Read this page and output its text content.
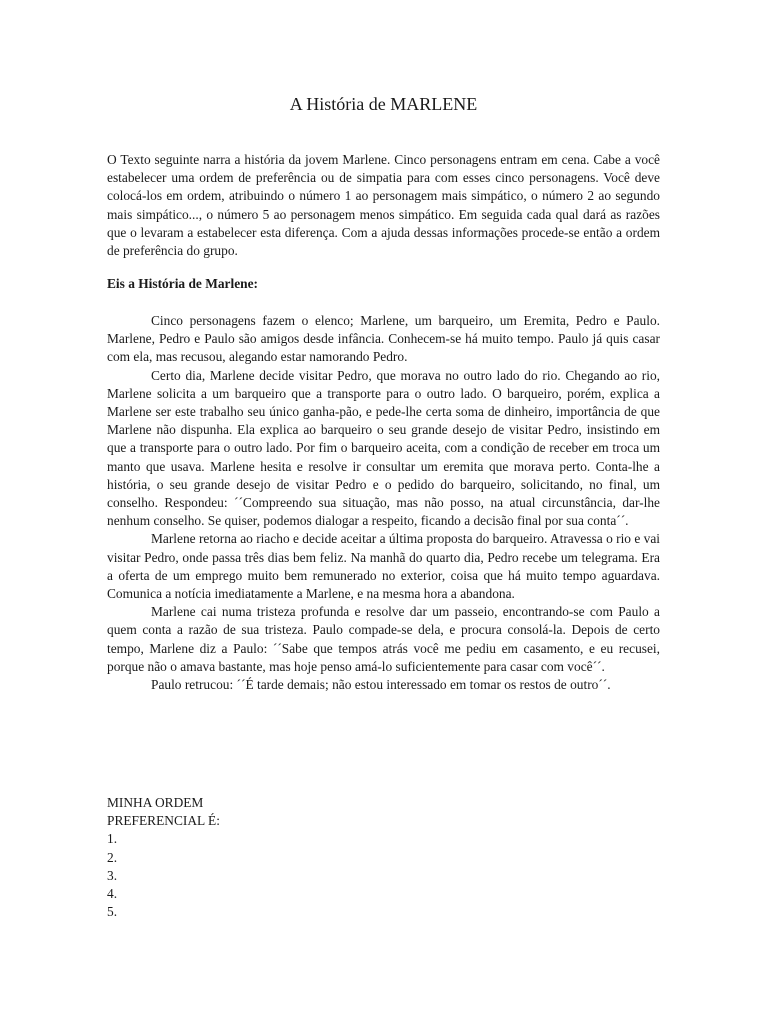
A História de MARLENE
O Texto seguinte narra a história da jovem Marlene. Cinco personagens entram em cena. Cabe a você estabelecer uma ordem de preferência ou de simpatia para com esses cinco personagens. Você deve colocá-los em ordem, atribuindo o número 1 ao personagem mais simpático, o número 2 ao segundo mais simpático..., o número 5 ao personagem menos simpático. Em seguida cada qual dará as razões que o levaram a estabelecer esta diferença. Com a ajuda dessas informações procede-se então a ordem de preferência do grupo.
Eis a História de Marlene:

Cinco personagens fazem o elenco; Marlene, um barqueiro, um Eremita, Pedro e Paulo. Marlene, Pedro e Paulo são amigos desde infância. Conhecem-se há muito tempo. Paulo já quis casar com ela, mas recusou, alegando estar namorando Pedro.

Certo dia, Marlene decide visitar Pedro, que morava no outro lado do rio. Chegando ao rio, Marlene solicita a um barqueiro que a transporte para o outro lado. O barqueiro, porém, explica a Marlene ser este trabalho seu único ganha-pão, e pede-lhe certa soma de dinheiro, importância de que Marlene não dispunha. Ela explica ao barqueiro o seu grande desejo de visitar Pedro, insistindo em que a transporte para o outro lado. Por fim o barqueiro aceita, com a condição de receber em troca um manto que usava. Marlene hesita e resolve ir consultar um eremita que morava perto. Conta-lhe a história, o seu grande desejo de visitar Pedro e o pedido do barqueiro, solicitando, no final, um conselho. Respondeu: ´´Compreendo sua situação, mas não posso, na atual circunstância, dar-lhe nenhum conselho. Se quiser, podemos dialogar a respeito, ficando a decisão final por sua conta´´.

Marlene retorna ao riacho e decide aceitar a última proposta do barqueiro. Atravessa o rio e vai visitar Pedro, onde passa três dias bem feliz. Na manhã do quarto dia, Pedro recebe um telegrama. Era a oferta de um emprego muito bem remunerado no exterior, coisa que há muito tempo aguardava. Comunica a notícia imediatamente a Marlene, e na mesma hora a abandona.

Marlene cai numa tristeza profunda e resolve dar um passeio, encontrando-se com Paulo a quem conta a razão de sua tristeza. Paulo compade-se dela, e procura consolá-la. Depois de certo tempo, Marlene diz a Paulo: ´´Sabe que tempos atrás você me pediu em casamento, e eu recusei, porque não o amava bastante, mas hoje penso amá-lo suficientemente para casar com você´´.

Paulo retrucou: ´´É tarde demais; não estou interessado em tomar os restos de outro´´.

MINHA ORDEM
PREFERENCIAL É:
1.
2.
3.
4.
5.
